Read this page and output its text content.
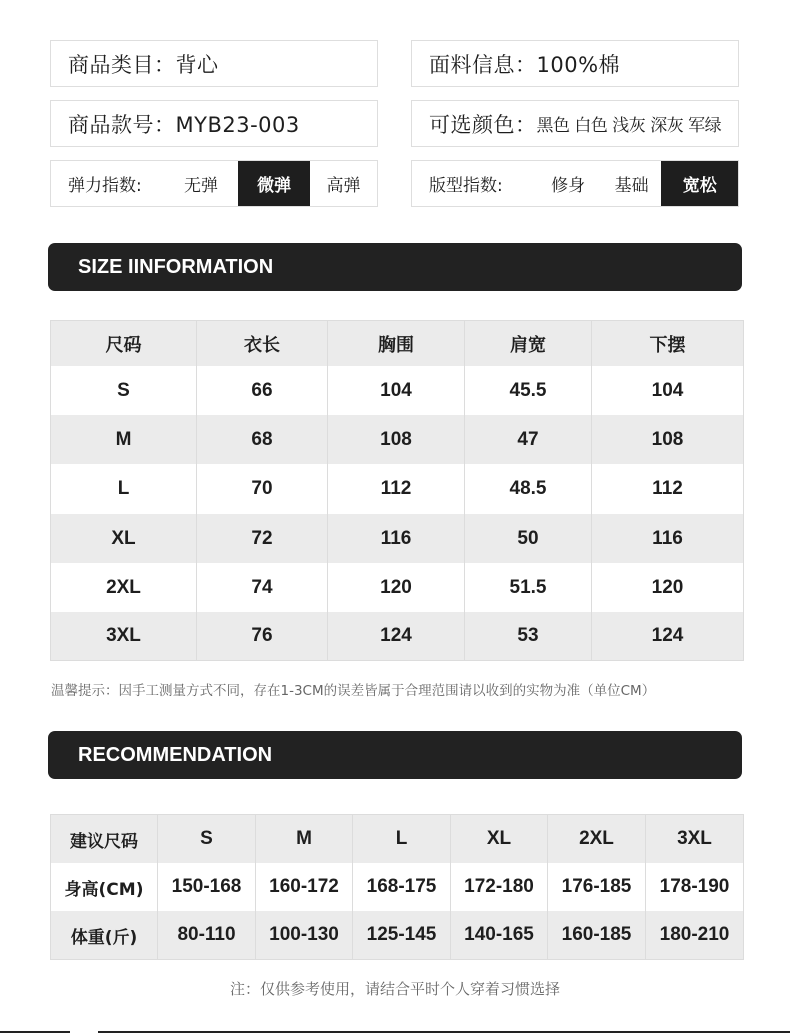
商品类目：背心	面料信息：100%棉
商品款号：MYB23-003	可选颜色： 黑色 白色 浅灰 深灰 军绿
弹力指数:	无弹	微弹	高弹	版型指数:	修身	基础	宽松
SIZE IINFORMATION
尺码	衣长	胸围	肩宽	下摆
S	66	104	45.5	104
M	68	108	47	108
L	70	112	48.5	112
XL	72	116	50	116
2XL	74	120	51.5	120
3XL	76	124	53	124
温馨提示：因手工测量方式不同，存在1-3CM的误差皆属于合理范围请以收到的实物为准（单位CM）
RECOMMENDATION
建议尺码	S	M	L	XL	2XL	3XL
身高(CM)	150-168	160-172	168-175	172-180	176-185	178-190
体重(斤)	80-110	100-130	125-145	140-165	160-185	180-210
注：仅供参考使用，请结合平时个人穿着习惯选择
